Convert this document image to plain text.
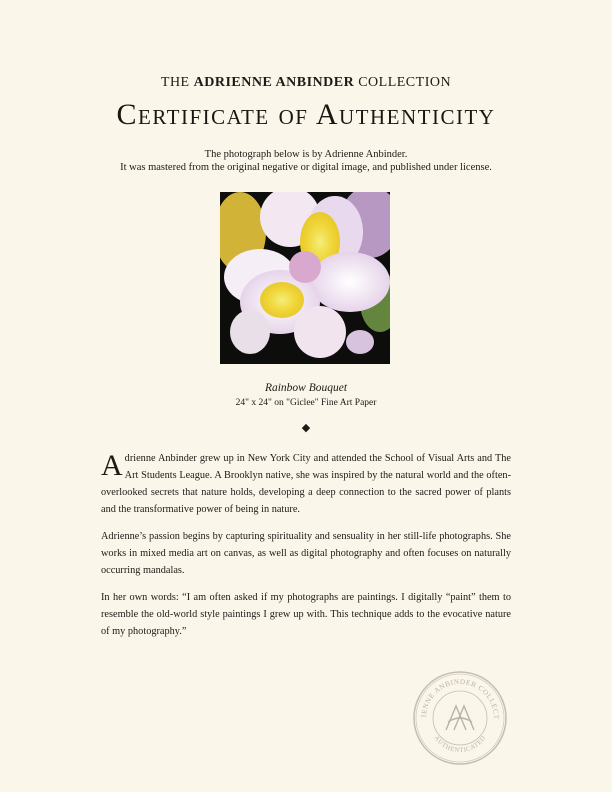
THE ADRIENNE ANBINDER COLLECTION
Certificate of Authenticity
The photograph below is by Adrienne Anbinder.
It was mastered from the original negative or digital image, and published under license.
Rainbow Bouquet
24" x 24" on "Giclee" Fine Art Paper
◆

Adrienne Anbinder grew up in New York City and attended the School of Visual Arts and The Art Students League. A Brooklyn native, she was inspired by the natural world and the often-overlooked secrets that nature holds, developing a deep connection to the sacred power of plants and the transformative power of being in nature.

Adrienne’s passion begins by capturing spirituality and sensuality in her still-life photographs. She works in mixed media art on canvas, as well as digital photography and often focuses on naturally occurring mandalas.

In her own words: “I am often asked if my photographs are paintings. I digitally “paint” them to resemble the old-world style paintings I grew up with. This technique adds to the evocative nature of my photography.”

IENNE ANBINDER COLLECT
AUTHENTICATED
